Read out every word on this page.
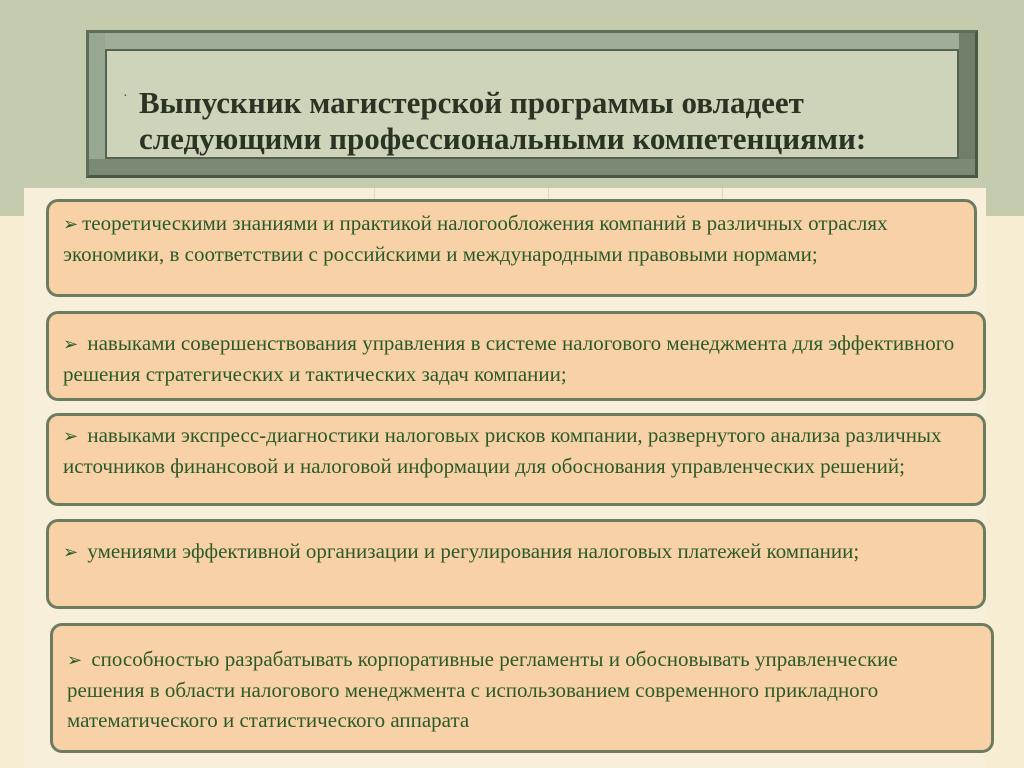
· Выпускник магистерской программы овладеет следующими профессиональными компетенциями:
➢ теоретическими знаниями и практикой налогообложения компаний в различных отраслях экономики, в соответствии с российскими и международными правовыми нормами;
➢ навыками совершенствования управления в системе налогового менеджмента для эффективного решения стратегических и тактических задач компании;
➢ навыками экспресс-диагностики налоговых рисков компании, развернутого анализа различных источников финансовой и налоговой информации для обоснования управленческих решений;
➢ умениями эффективной организации и регулирования налоговых платежей компании;
➢ способностью разрабатывать корпоративные регламенты и обосновывать управленческие решения в области налогового менеджмента с использованием современного прикладного математического и статистического аппарата
